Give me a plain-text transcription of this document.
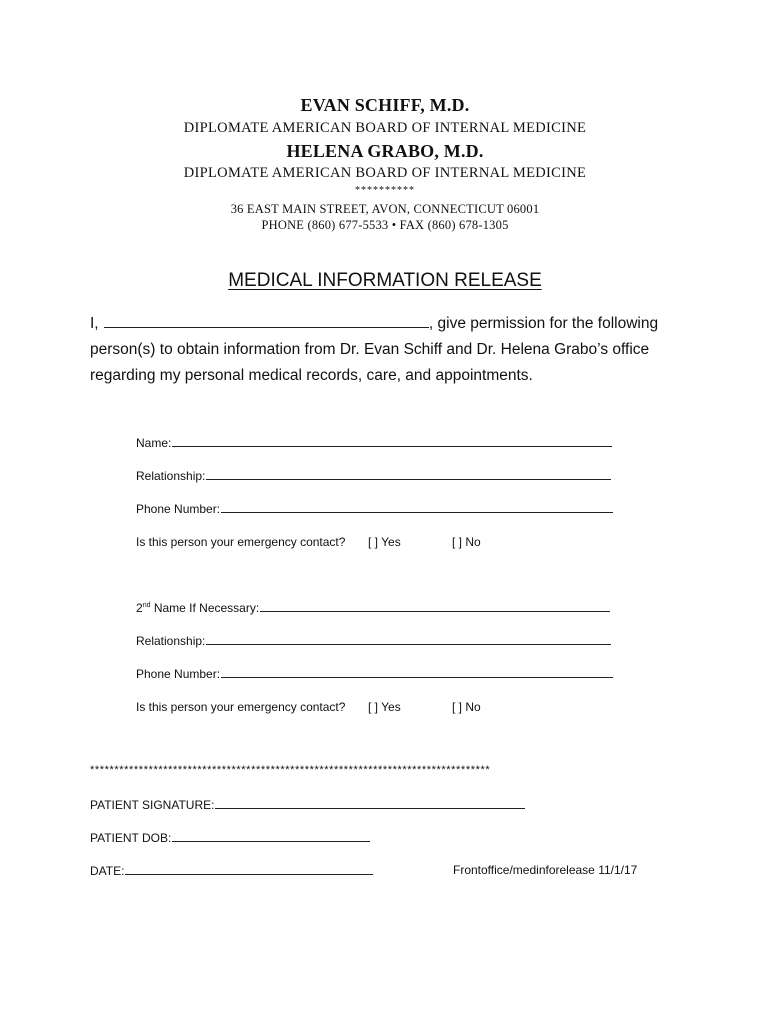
EVAN SCHIFF, M.D.
DIPLOMATE AMERICAN BOARD OF INTERNAL MEDICINE
HELENA GRABO, M.D.
DIPLOMATE AMERICAN BOARD OF INTERNAL MEDICINE
**********
36 EAST MAIN STREET, AVON, CONNECTICUT 06001
PHONE (860) 677-5533 • FAX (860) 678-1305
MEDICAL INFORMATION RELEASE
I,	, give permission for the following
person(s) to obtain information from Dr. Evan Schiff and Dr. Helena Grabo’s office
regarding my personal medical records, care, and appointments.
Name:
Relationship:
Phone Number:
Is this person your emergency contact? [ ] Yes	[ ] No
2nd Name If Necessary:
Relationship:
Phone Number:
Is this person your emergency contact? [ ] Yes	[ ] No
**********************************************************************************
PATIENT SIGNATURE:
PATIENT DOB:
DATE:	Frontoffice/medinforelease 11/1/17
